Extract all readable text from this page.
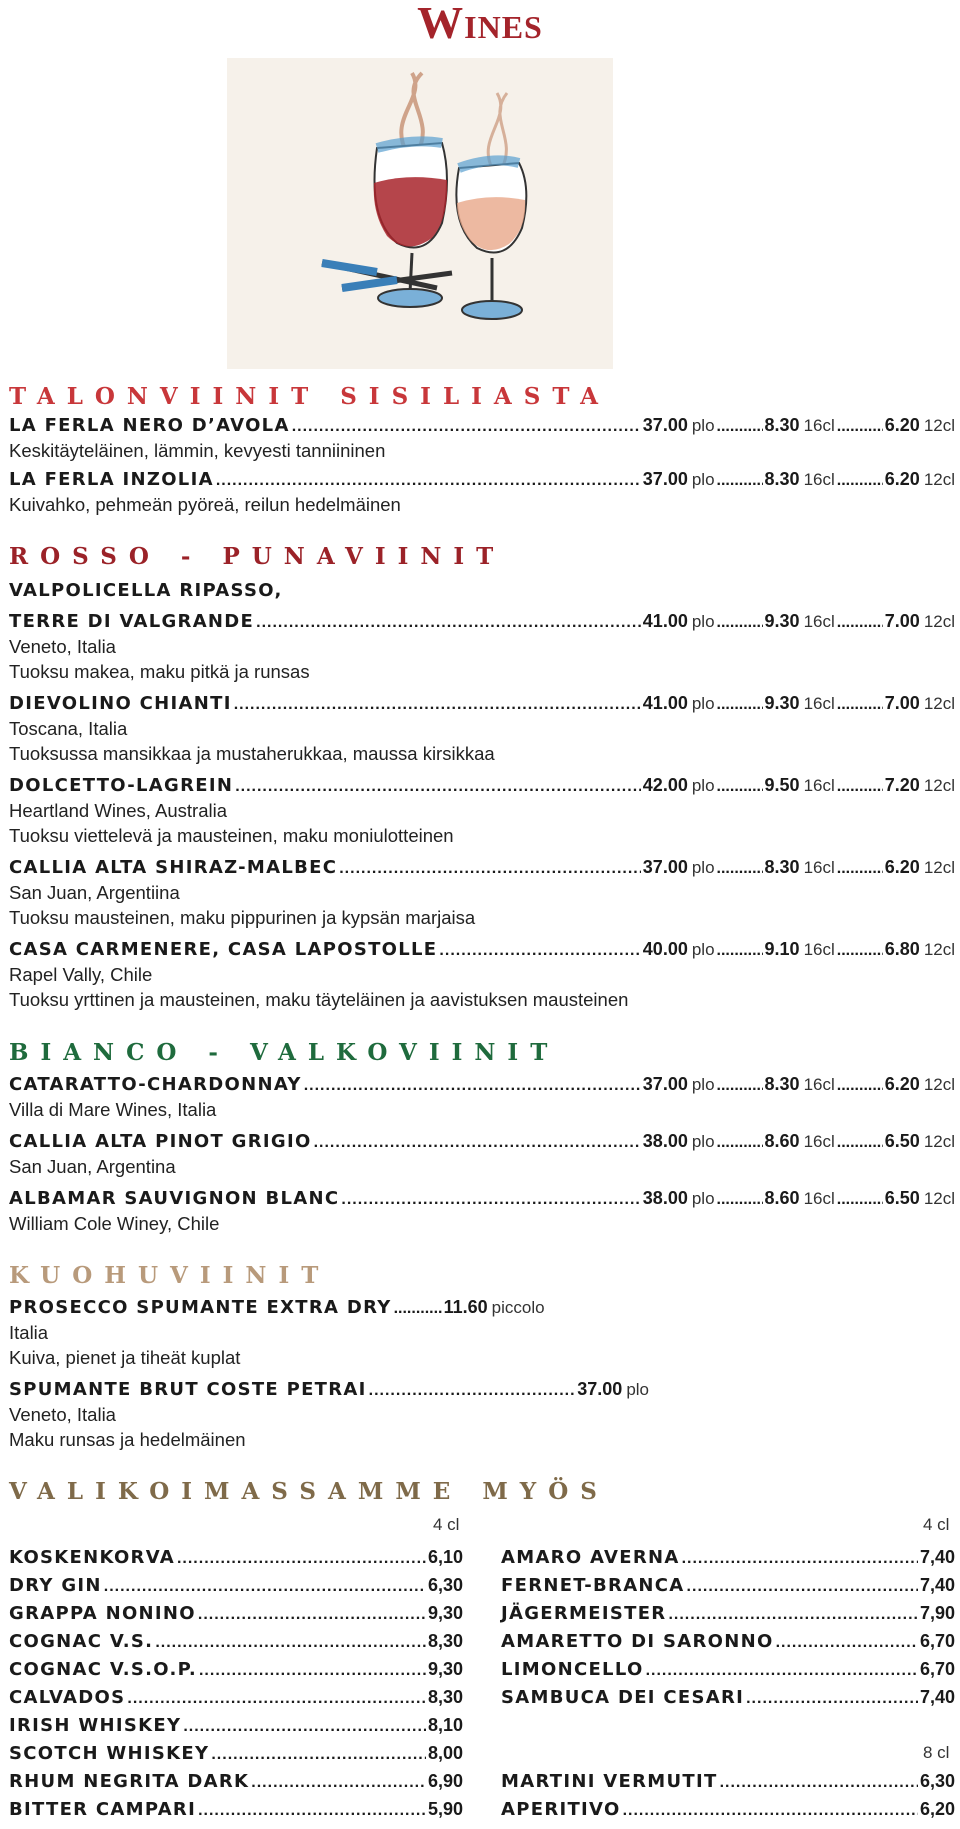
Wines
TALONVIINIT SISILIASTA
LA FERLA NERO D’AVOLA .....	37.00 plo .....	8.30 16cl .....	6.20 12cl
Keskitäyteläinen, lämmin, kevyesti tanniininen
LA FERLA INZOLIA .....	37.00 plo .....	8.30 16cl .....	6.20 12cl
Kuivahko, pehmeän pyöreä, reilun hedelmäinen
ROSSO - PUNAVIINIT
VALPOLICELLA RIPASSO,
TERRE DI VALGRANDE .....	41.00 plo .....	9.30 16cl .....	7.00 12cl
Veneto, Italia
Tuoksu makea, maku pitkä ja runsas
DIEVOLINO CHIANTI .....	41.00 plo .....	9.30 16cl .....	7.00 12cl
Toscana, Italia
Tuoksussa mansikkaa ja mustaherukkaa, maussa kirsikkaa
DOLCETTO-LAGREIN .....	42.00 plo .....	9.50 16cl .....	7.20 12cl
Heartland Wines, Australia
Tuoksu viettelevä ja mausteinen, maku moniulotteinen
CALLIA ALTA SHIRAZ-MALBEC .....	37.00 plo .....	8.30 16cl .....	6.20 12cl
San Juan, Argentiina
Tuoksu mausteinen, maku pippurinen ja kypsän marjaisa
CASA CARMENERE, CASA LAPOSTOLLE .....	40.00 plo .....	9.10 16cl .....	6.80 12cl
Rapel Vally, Chile
Tuoksu yrttinen ja mausteinen, maku täyteläinen ja aavistuksen mausteinen
BIANCO - VALKOVIINIT
CATARATTO-CHARDONNAY .....	37.00 plo .....	8.30 16cl .....	6.20 12cl
Villa di Mare Wines, Italia
CALLIA ALTA PINOT GRIGIO .....	38.00 plo .....	8.60 16cl .....	6.50 12cl
San Juan, Argentina
ALBAMAR SAUVIGNON BLANC .....	38.00 plo .....	8.60 16cl .....	6.50 12cl
William Cole Winey, Chile
KUOHUVIINIT
PROSECCO SPUMANTE EXTRA DRY .....	11.60 piccolo
Italia
Kuiva, pienet ja tiheät kuplat
SPUMANTE BRUT COSTE PETRAI .....	37.00 plo
Veneto, Italia
Maku runsas ja hedelmäinen
VALIKOIMASSAMME MYÖS
4 cl	4 cl
KOSKENKORVA .....	6,10
DRY GIN .....	6,30
GRAPPA NONINO .....	9,30
COGNAC V.S. .....	8,30
COGNAC V.S.O.P. .....	9,30
CALVADOS .....	8,30
IRISH WHISKEY .....	8,10
SCOTCH WHISKEY .....	8,00
RHUM NEGRITA DARK .....	6,90
BITTER CAMPARI .....	5,90
AMARO AVERNA .....	7,40
FERNET-BRANCA .....	7,40
JÄGERMEISTER .....	7,90
AMARETTO DI SARONNO .....	6,70
LIMONCELLO .....	6,70
SAMBUCA DEI CESARI .....	7,40
8 cl
MARTINI VERMUTIT .....	6,30
APERITIVO .....	6,20
